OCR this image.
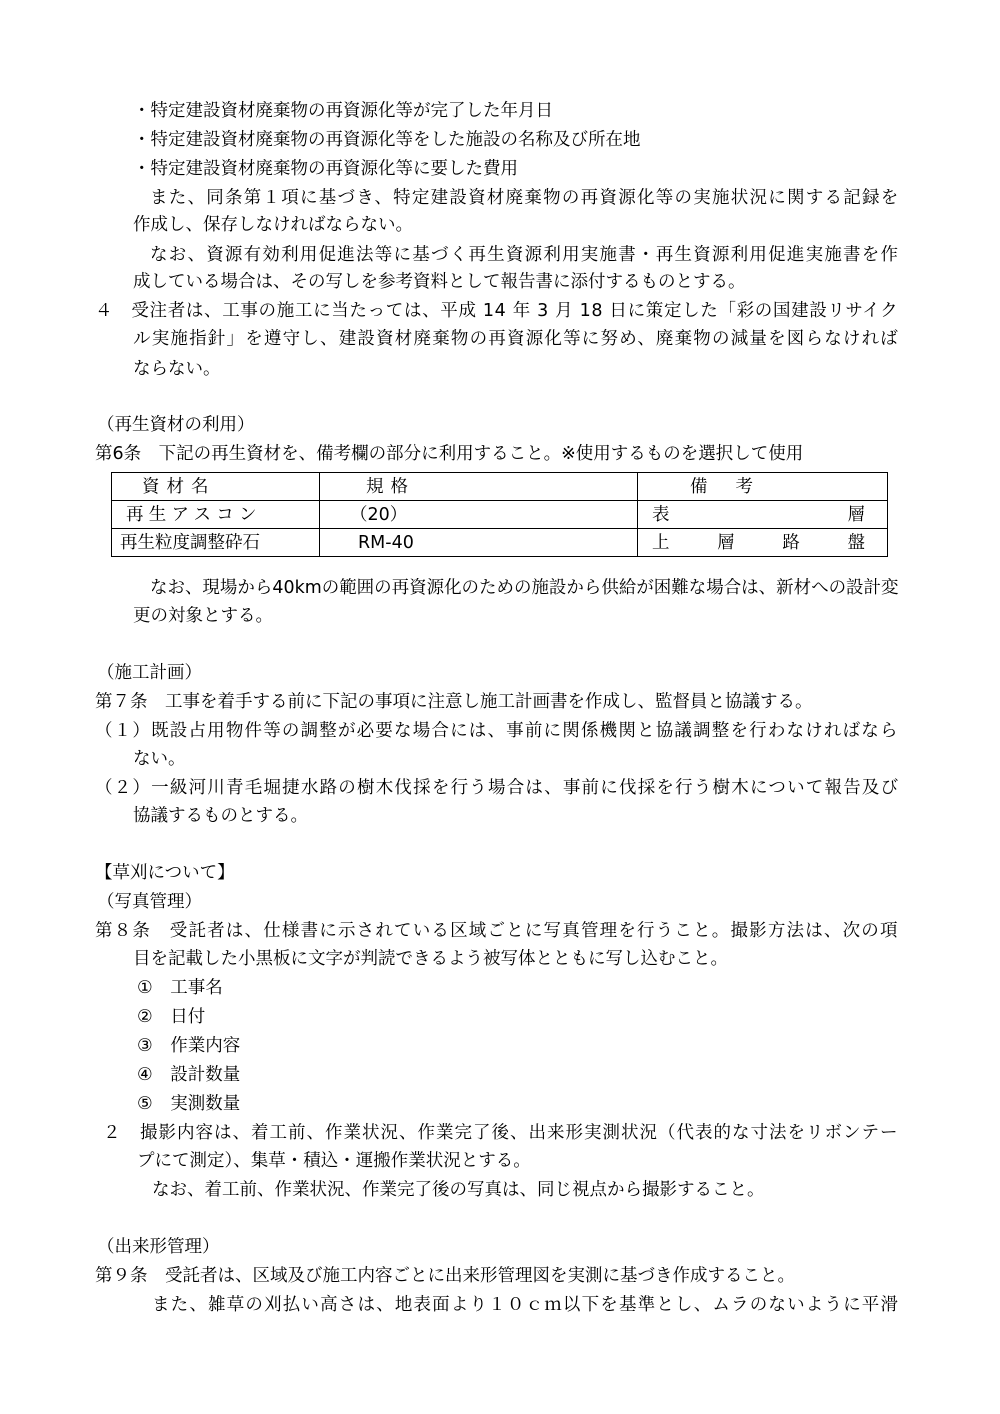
・特定建設資材廃棄物の再資源化等が完了した年月日
・特定建設資材廃棄物の再資源化等をした施設の名称及び所在地
・特定建設資材廃棄物の再資源化等に要した費用
また、同条第１項に基づき、特定建設資材廃棄物の再資源化等の実施状況に関する記録を
作成し、保存しなければならない。
なお、資源有効利用促進法等に基づく再生資源利用実施書・再生資源利用促進実施書を作
成している場合は、その写しを参考資料として報告書に添付するものとする。
４　受注者は、工事の施工に当たっては、平成 14 年 3 月 18 日に策定した「彩の国建設リサイク
ル実施指針」を遵守し、建設資材廃棄物の再資源化等に努め、廃棄物の減量を図らなければ
ならない。
（再生資材の利用）
第6条　下記の再生資材を、備考欄の部分に利用すること。※使用するものを選択して使用
資材名	規格	備考
再生アスコン	（20）	表 層

再生粒度調整砕石	RM-40	上 層 路 盤
なお、現場から40kmの範囲の再資源化のための施設から供給が困難な場合は、新材への設計変
更の対象とする。
（施工計画）
第７条　工事を着手する前に下記の事項に注意し施工計画書を作成し、監督員と協議する。
（１）既設占用物件等の調整が必要な場合には、事前に関係機関と協議調整を行わなければなら
ない。
（２）一級河川青毛堀捷水路の樹木伐採を行う場合は、事前に伐採を行う樹木について報告及び
協議するものとする。
【草刈について】
（写真管理）
第８条　受託者は、仕様書に示されている区域ごとに写真管理を行うこと。撮影方法は、次の項
目を記載した小黒板に文字が判読できるよう被写体とともに写し込むこと。
①　工事名
②　日付
③　作業内容
④　設計数量
⑤　実測数量
２　撮影内容は、着工前、作業状況、作業完了後、出来形実測状況（代表的な寸法をリボンテー
プにて測定）、集草・積込・運搬作業状況とする。
なお、着工前、作業状況、作業完了後の写真は、同じ視点から撮影すること。
（出来形管理）
第９条　受託者は、区域及び施工内容ごとに出来形管理図を実測に基づき作成すること。
また、雑草の刈払い高さは、地表面より１０ｃｍ以下を基準とし、ムラのないように平滑
